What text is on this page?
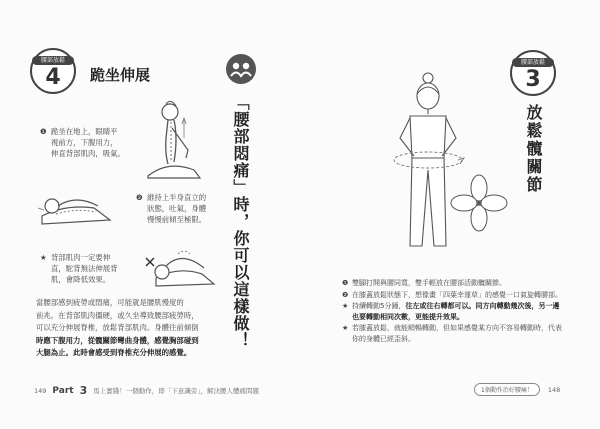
腰部放鬆
4	跪坐伸展
❶ 跪坐在地上，眼睛平
視前方，下腹用力，
伸直背部肌肉，吸氣。
❷ 維持上半身直立的
狀態，吐氣，身體
慢慢前傾至極限。
★ 背部肌肉一定要伸
直，駝背無法伸展背
肌，會降低效果。
當腰部感到疲勞或悶痛，可能就是腰肌慢度的
前兆。在背部肌肉僵硬，或久坐導致腰部疲勞時，
可以充分伸展脊椎，放鬆背部肌肉。身體往前傾倒
時應下腹用力，從髖關節彎曲身體，感覺胸部碰到
大腿為止。此時會感受到脊椎充分伸展的感覺。
149 Part 3 馬上實踐！一個動作，即「下意識旁」，解決腰人體痛問題
「腰部悶痛」時，你可以這樣做！
腰部放鬆
3
放鬆髖關節
❶ 雙腳打開與腰同寬，雙手輕放在腰部活動髖關節。
❷ 在膝蓋放鬆狀態下，想像畫「四葉幸運草」的感覺一口氣旋轉腰部。
★ 持續轉動5分鐘，往左或往右轉都可以。同方向轉動幾次後，另一邊也要轉動相同次數，更能提升效果。
★ 若膝蓋放鬆，就能順暢轉動，但如果感覺某方向不容易轉動時，代表你的身體已經歪斜。
1個動作治好腰痛！	148
